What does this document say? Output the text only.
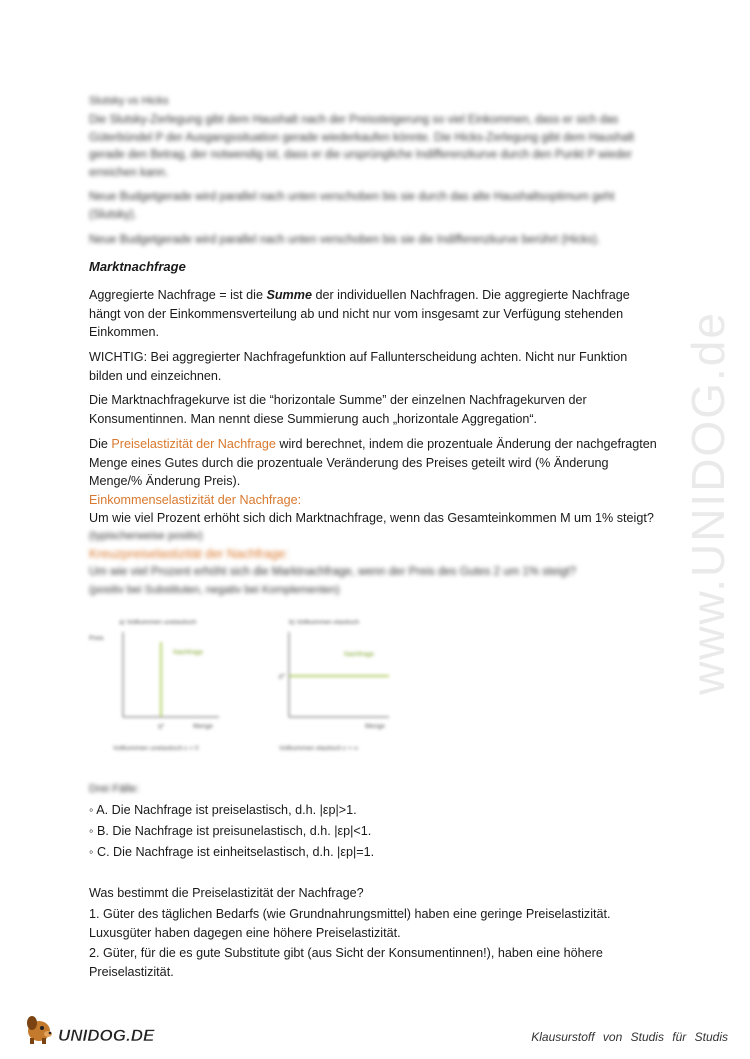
Slutsky vs Hicks

Die Slutsky-Zerlegung gibt dem Haushalt nach der Preissteigerung so viel Einkommen, dass er sich das Güterbündel P der Ausgangssituation gerade wiederkaufen könnte. Die Hicks-Zerlegung gibt dem Haushalt gerade den Betrag, der notwendig ist, dass er die ursprüngliche Indifferenzkurve durch den Punkt P wieder erreichen kann.

Neue Budgetgerade wird parallel nach unten verschoben bis sie durch das alte Haushaltsoptimum geht (Slutsky).

Neue Budgetgerade wird parallel nach unten verschoben bis sie die Indifferenzkurve berührt (Hicks).

Marktnachfrage

Aggregierte Nachfrage = ist die Summe der individuellen Nachfragen. Die aggregierte Nachfrage hängt von der Einkommensverteilung ab und nicht nur vom insgesamt zur Verfügung stehenden Einkommen.

WICHTIG: Bei aggregierter Nachfragefunktion auf Fallunterscheidung achten. Nicht nur Funktion bilden und einzeichnen.

Die Marktnachfragekurve ist die “horizontale Summe” der einzelnen Nachfragekurven der Konsumentinnen. Man nennt diese Summierung auch „horizontale Aggregation“.

Die Preiselastizität der Nachfrage wird berechnet, indem die prozentuale Änderung der nachgefragten Menge eines Gutes durch die prozentuale Veränderung des Preises geteilt wird (% Änderung Menge/% Änderung Preis).

Einkommenselastizität der Nachfrage:

Um wie viel Prozent erhöht sich dich Marktnachfrage, wenn das Gesamteinkommen M um 1% steigt?

(typischerweise positiv)

Kreuzpreiselastizität der Nachfrage:

Um wie viel Prozent erhöht sich die Marktnachfrage, wenn der Preis des Gutes 2 um 1% steigt?

(positiv bei Substituten, negativ bei Komplementen)

a) Vollkommen unelastisch
Preis
Nachfrage
q*	Menge
Vollkommen unelastisch ε = 0
b) Vollkommen elastisch
Nachfrage
p*
Menge
Vollkommen elastisch ε = ∞

Drei Fälle:

◦ A. Die Nachfrage ist preiselastisch, d.h. |εp|>1.
◦ B. Die Nachfrage ist preisunelastisch, d.h. |εp|<1.
◦ C. Die Nachfrage ist einheitselastisch, d.h. |εp|=1.

Was bestimmt die Preiselastizität der Nachfrage?

1. Güter des täglichen Bedarfs (wie Grundnahrungsmittel) haben eine geringe Preiselastizität. Luxusgüter haben dagegen eine höhere Preiselastizität.

2. Güter, für die es gute Substitute gibt (aus Sicht der Konsumentinnen!), haben eine höhere Preiselastizität.

www.UNIDOG.de
UNIDOG.DE	Klausurstoff von Studis für Studis
